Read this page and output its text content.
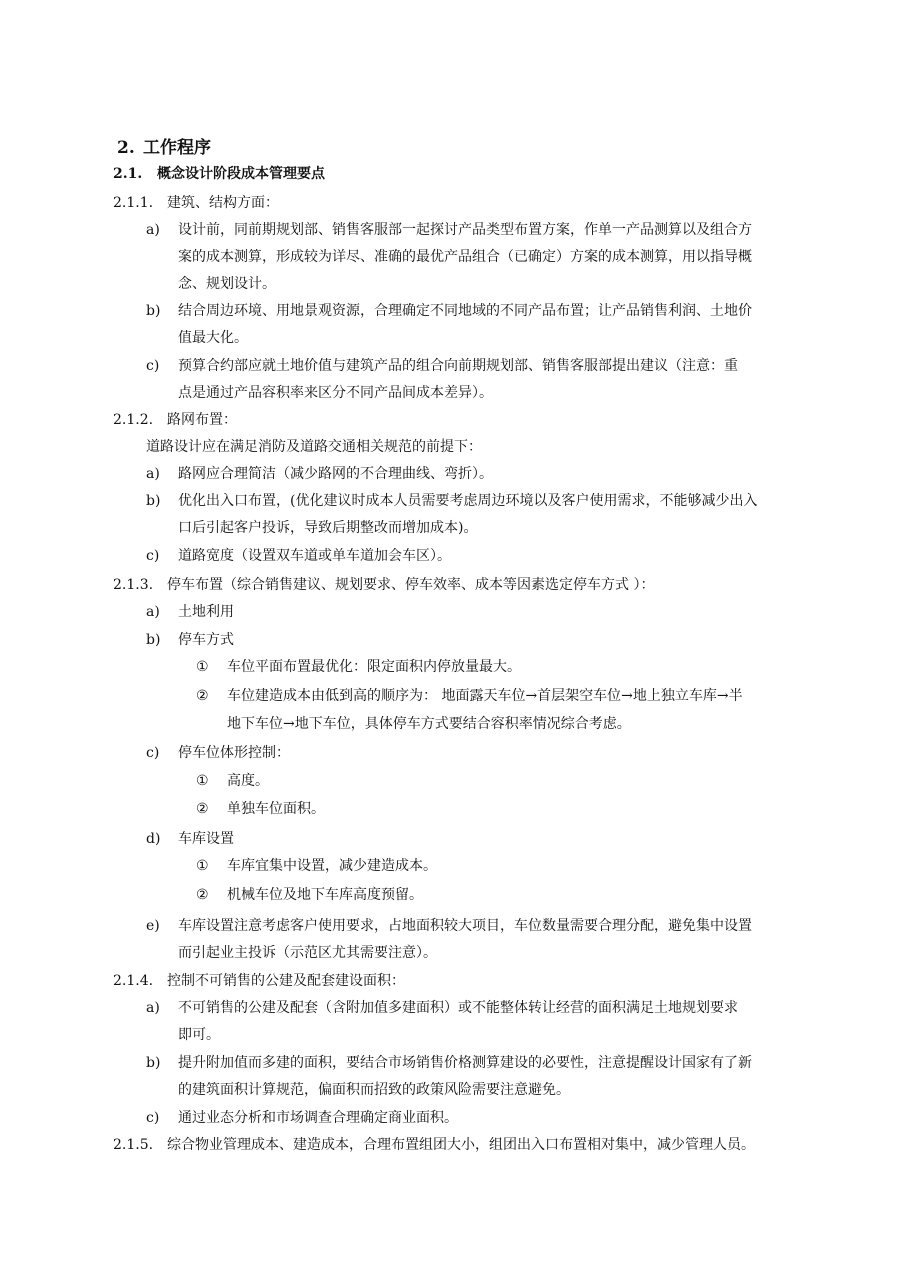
2. 工作程序
2.1. 概念设计阶段成本管理要点
2.1.1. 建筑、结构方面：
a) 设计前，同前期规划部、销售客服部一起探讨产品类型布置方案，作单一产品测算以及组合方
案的成本测算，形成较为详尽、准确的最优产品组合（已确定）方案的成本测算，用以指导概
念、规划设计。
b) 结合周边环境、用地景观资源，合理确定不同地域的不同产品布置；让产品销售利润、土地价
值最大化。
c) 预算合约部应就土地价值与建筑产品的组合向前期规划部、销售客服部提出建议（注意：重
点是通过产品容积率来区分不同产品间成本差异）。
2.1.2. 路网布置：
道路设计应在满足消防及道路交通相关规范的前提下：
a) 路网应合理简洁（减少路网的不合理曲线、弯折）。
b) 优化出入口布置，(优化建议时成本人员需要考虑周边环境以及客户使用需求，不能够减少出入
口后引起客户投诉，导致后期整改而增加成本)。
c) 道路宽度（设置双车道或单车道加会车区）。
2.1.3. 停车布置（综合销售建议、规划要求、停车效率、成本等因素选定停车方式 ）：
a) 土地利用
b) 停车方式
① 车位平面布置最优化：限定面积内停放量最大。
② 车位建造成本由低到高的顺序为： 地面露天车位→首层架空车位→地上独立车库→半
地下车位→地下车位，具体停车方式要结合容积率情况综合考虑。
c) 停车位体形控制：
① 高度。
② 单独车位面积。
d) 车库设置
① 车库宜集中设置，减少建造成本。
② 机械车位及地下车库高度预留。
e) 车库设置注意考虑客户使用要求，占地面积较大项目，车位数量需要合理分配，避免集中设置
而引起业主投诉（示范区尤其需要注意）。
2.1.4. 控制不可销售的公建及配套建设面积：
a) 不可销售的公建及配套（含附加值多建面积）或不能整体转让经营的面积满足土地规划要求
即可。
b) 提升附加值而多建的面积，要结合市场销售价格测算建设的必要性，注意提醒设计国家有了新
的建筑面积计算规范，偏面积而招致的政策风险需要注意避免。
c) 通过业态分析和市场调查合理确定商业面积。
2.1.5. 综合物业管理成本、建造成本，合理布置组团大小，组团出入口布置相对集中，减少管理人员。
